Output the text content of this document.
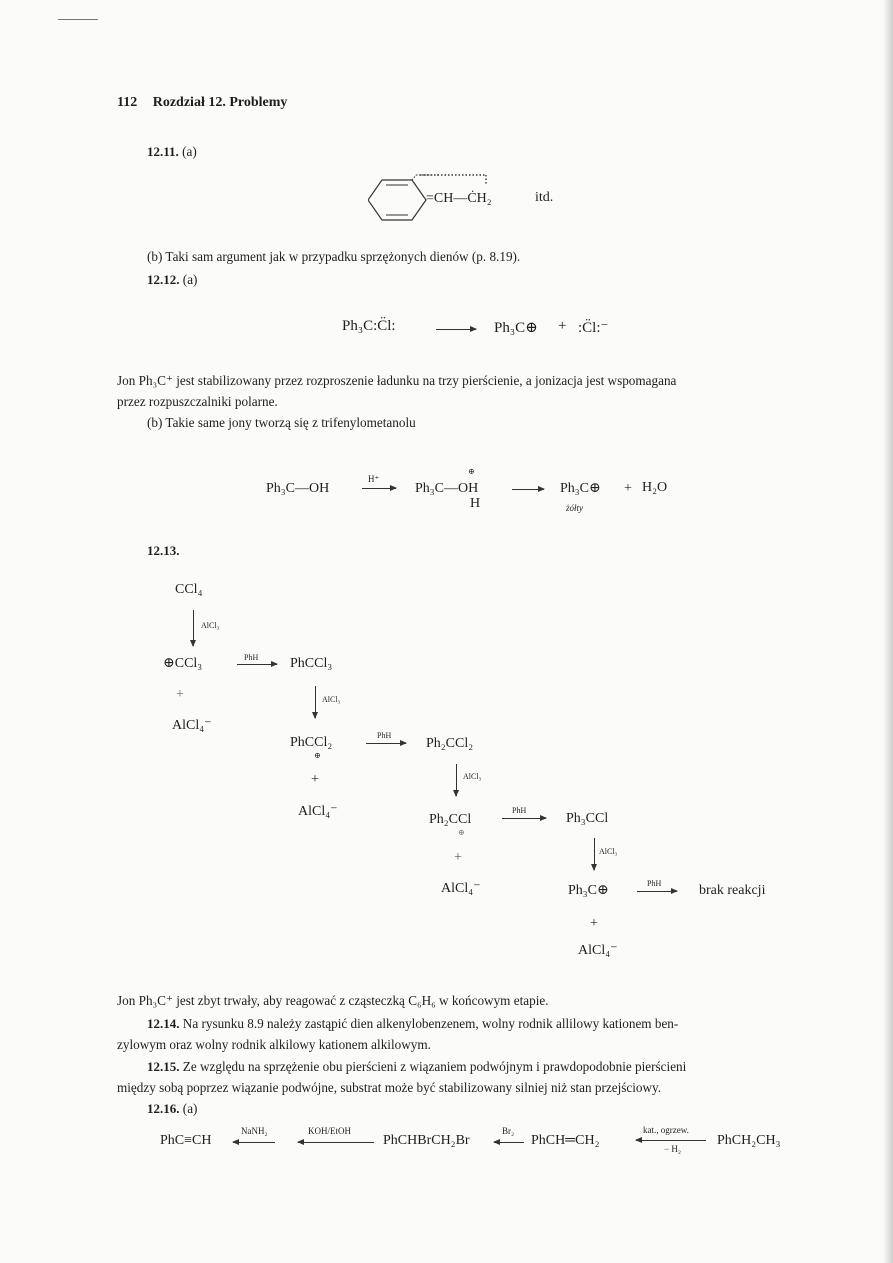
112 Rozdział 12. Problemy
12.11. (a)
=CH—ĊH₂	itd.
(b) Taki sam argument jak w przypadku sprzężonych dienów (p. 8.19).
12.12. (a)
Ph₃C:C̈l:	Ph₃C⊕ + :C̈l:⁻
Jon Ph₃C⁺ jest stabilizowany przez rozproszenie ładunku na trzy pierścienie, a jonizacja jest wspomagana
przez rozpuszczalniki polarne.
(b) Takie same jony tworzą się z trifenylometanolu
Ph₃C—OH
H⁺
⊕
Ph₃C—OH
H
Ph₃C⊕ + H₂O
żółty
12.13.
CCl₄
AlCl₃
⊕CCl₃	PhH PhCCl₃
+
AlCl₄⁻
AlCl₃
PhCCl₂
⊕
PhH
Ph₂CCl₂
+
AlCl₄⁻
AlCl₃
Ph₂CCl
⊕
PhH
Ph₃CCl
+
AlCl₄⁻
AlCl₃
Ph₃C⊕	PhH	brak reakcji
+
AlCl₄⁻
Jon Ph₃C⁺ jest zbyt trwały, aby reagować z cząsteczką C₆H₆ w końcowym etapie.
12.14. Na rysunku 8.9 należy zastąpić dien alkenylobenzenem, wolny rodnik allilowy kationem ben-
zylowym oraz wolny rodnik alkilowy kationem alkilowym.
12.15. Ze względu na sprzężenie obu pierścieni z wiązaniem podwójnym i prawdopodobnie pierścieni
między sobą poprzez wiązanie podwójne, substrat może być stabilizowany silniej niż stan przejściowy.
12.16. (a)
PhC≡CH
NaNH₂	KOH/EtOH
PhCHBrCH₂Br
Br₂
PhCH═CH₂
kat., ogrzew.
− H₂
PhCH₂CH₃
